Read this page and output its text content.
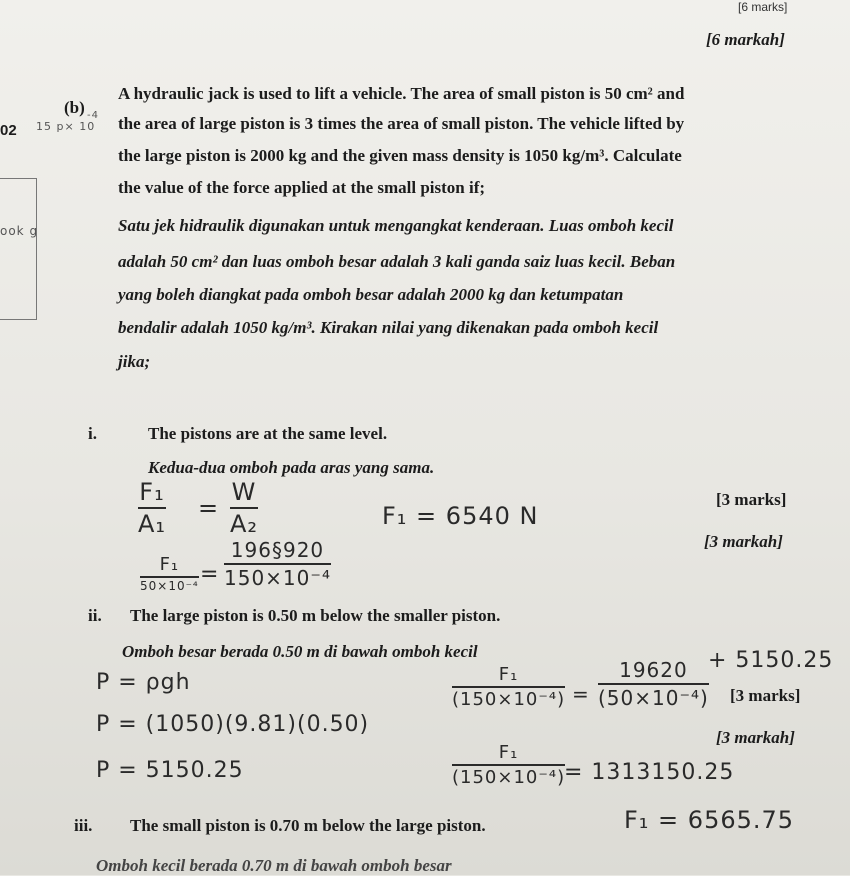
[6 marks]
[6 markah]
02 15 p× 10
-4
ook g
(b)
A hydraulic jack is used to lift a vehicle. The area of small piston is 50 cm² and
the area of large piston is 3 times the area of small piston. The vehicle lifted by
the large piston is 2000 kg and the given mass density is 1050 kg/m³. Calculate
the value of the force applied at the small piston if;
Satu jek hidraulik digunakan untuk mengangkat kenderaan. Luas omboh kecil
adalah 50 cm² dan luas omboh besar adalah 3 kali ganda saiz luas kecil. Beban
yang boleh diangkat pada omboh besar adalah 2000 kg dan ketumpatan
bendalir adalah 1050 kg/m³. Kirakan nilai yang dikenakan pada omboh kecil
jika;
i.	The pistons are at the same level.
Kedua-dua omboh pada aras yang sama.
[3 marks]
[3 markah]
F₁
A₁
=
W
A₂	F₁ = 6540 N
F₁
50×10⁻⁴ =
196§920
150×10⁻⁴
ii. The large piston is 0.50 m below the smaller piston.
Omboh besar berada 0.50 m di bawah omboh kecil
[3 marks]
[3 markah]
P = ρgh
P = (1050)(9.81)(0.50)
P = 5150.25
F₁
(150×10⁻⁴) =
19620
(50×10⁻⁴)
+ 5150.25
F₁
(150×10⁻⁴)
= 1313150.25
F₁ = 6565.75
iii. The small piston is 0.70 m below the large piston.
Omboh kecil berada 0.70 m di bawah omboh besar
